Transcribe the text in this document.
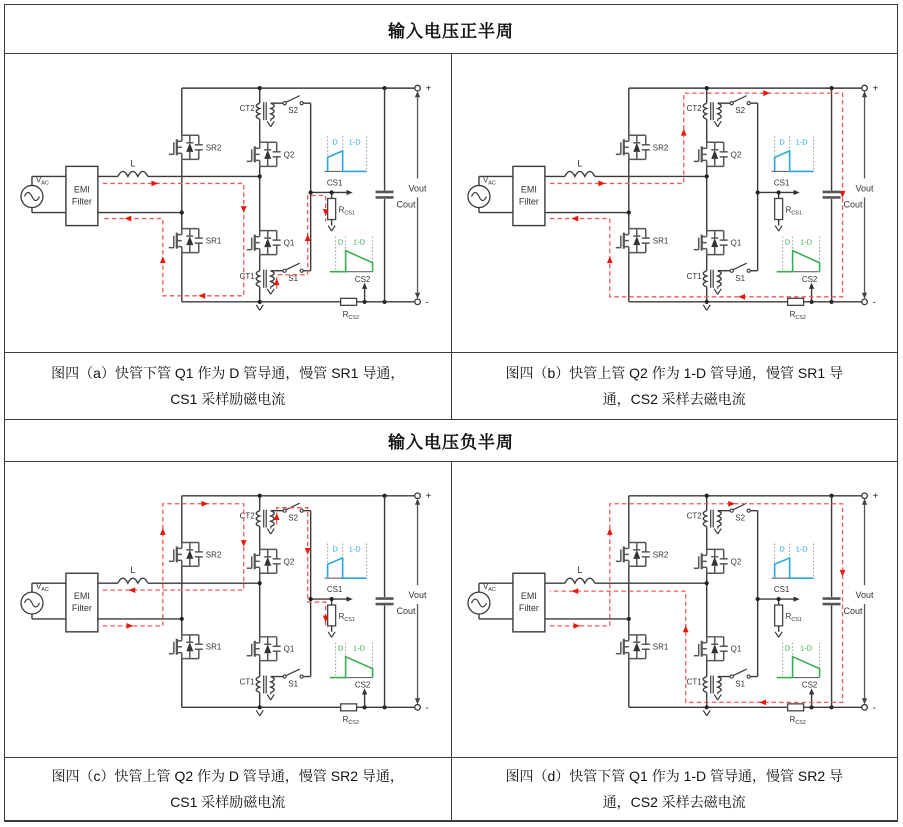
输入电压正半周
$V_{AC}$
EMI
Filter
L
SR2
SR1
Q2
Q1
CT2
CT1
S2
S1
CS1
$R_{CS1}$
$R_{CS2}$
CS2
Cout
+
-
Vout
D 1-D
D 1-D
$V_{AC}$
EMI
Filter
L
SR2
SR1
Q2
Q1
CT2
CT1
S2
S1
CS1
$R_{CS1}$
$R_{CS2}$
CS2
Cout
+
-
Vout
D 1-D
D 1-D
图四（a）快管下管 Q1 作为 D 管导通，慢管 SR1 导通，
CS1 采样励磁电流
图四（b）快管上管 Q2 作为 1-D 管导通，慢管 SR1 导
通，CS2 采样去磁电流
输入电压负半周
$V_{AC}$
EMI
Filter
L
SR2
SR1
Q2
Q1
CT2
CT1
S2
S1
CS1
$R_{CS1}$
$R_{CS2}$
CS2
Cout
+
-
Vout
D 1-D
D 1-D
$V_{AC}$
EMI
Filter
L
SR2
SR1
Q2
Q1
CT2
CT1
S2
S1
CS1
$R_{CS1}$
$R_{CS2}$
CS2
Cout
+
-
Vout
D 1-D
D 1-D
图四（c）快管上管 Q2 作为 D 管导通，慢管 SR2 导通，
CS1 采样励磁电流
图四（d）快管下管 Q1 作为 1-D 管导通，慢管 SR2 导
通，CS2 采样去磁电流
